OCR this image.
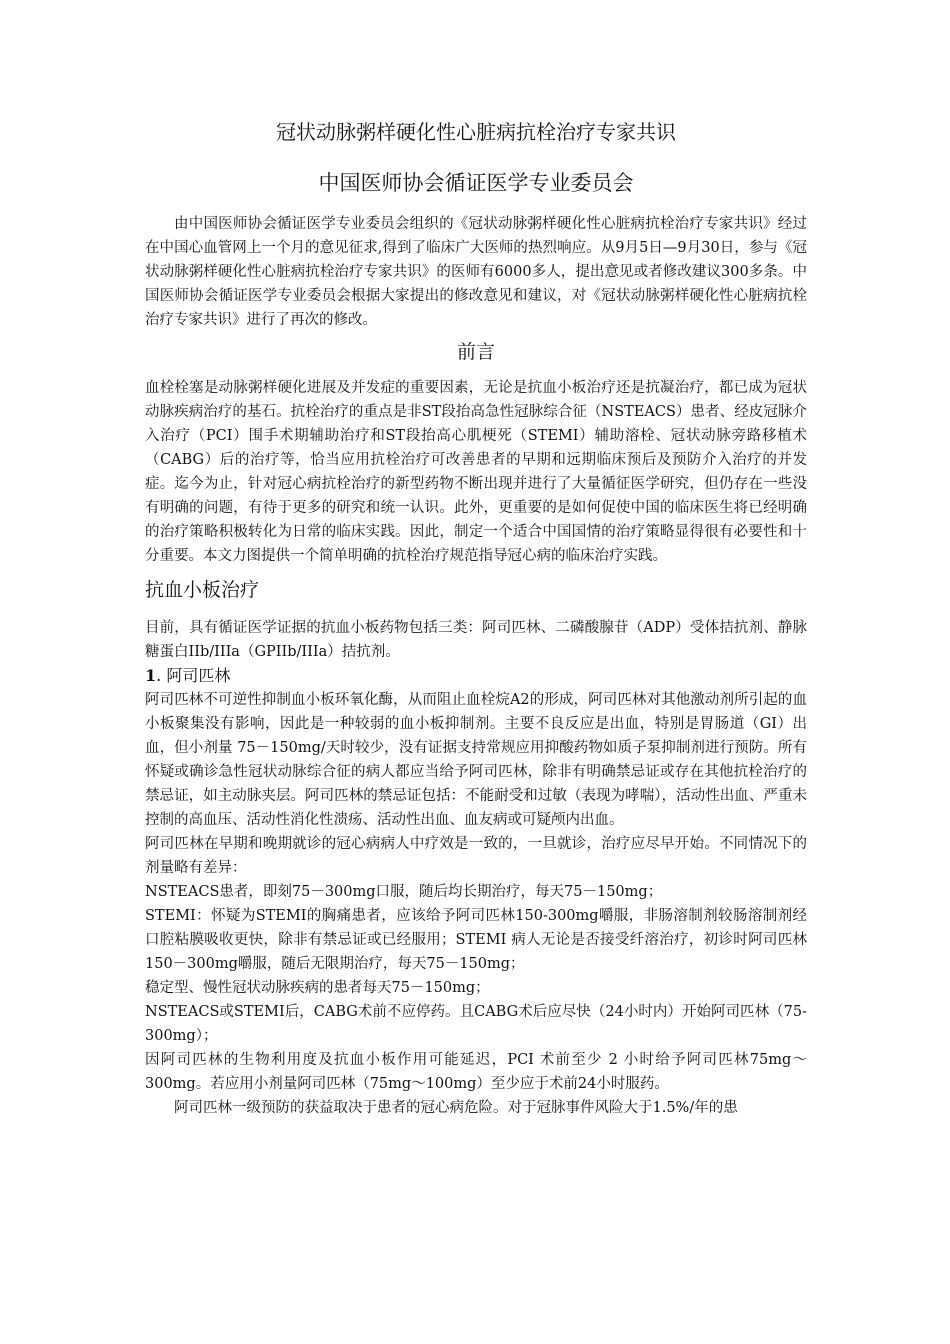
冠状动脉粥样硬化性心脏病抗栓治疗专家共识
中国医师协会循证医学专业委员会

由中国医师协会循证医学专业委员会组织的《冠状动脉粥样硬化性心脏病抗栓治疗专家共识》经过在中国心血管网上一个月的意见征求,得到了临床广大医师的热烈响应。从9月5日—9月30日，参与《冠状动脉粥样硬化性心脏病抗栓治疗专家共识》的医师有6000多人，提出意见或者修改建议300多条。中国医师协会循证医学专业委员会根据大家提出的修改意见和建议，对《冠状动脉粥样硬化性心脏病抗栓治疗专家共识》进行了再次的修改。

前言

血栓栓塞是动脉粥样硬化进展及并发症的重要因素，无论是抗血小板治疗还是抗凝治疗，都已成为冠状动脉疾病治疗的基石。抗栓治疗的重点是非ST段抬高急性冠脉综合征（NSTEACS）患者、经皮冠脉介入治疗（PCI）围手术期辅助治疗和ST段抬高心肌梗死（STEMI）辅助溶栓、冠状动脉旁路移植术（CABG）后的治疗等，恰当应用抗栓治疗可改善患者的早期和远期临床预后及预防介入治疗的并发症。迄今为止，针对冠心病抗栓治疗的新型药物不断出现并进行了大量循征医学研究，但仍存在一些没有明确的问题，有待于更多的研究和统一认识。此外，更重要的是如何促使中国的临床医生将已经明确的治疗策略积极转化为日常的临床实践。因此，制定一个适合中国国情的治疗策略显得很有必要性和十分重要。本文力图提供一个简单明确的抗栓治疗规范指导冠心病的临床治疗实践。

抗血小板治疗

目前，具有循证医学证据的抗血小板药物包括三类：阿司匹林、二磷酸腺苷（ADP）受体拮抗剂、静脉糖蛋白IIb/IIIa（GPIIb/IIIa）拮抗剂。

1. 阿司匹林

阿司匹林不可逆性抑制血小板环氧化酶，从而阻止血栓烷A2的形成，阿司匹林对其他激动剂所引起的血小板聚集没有影响，因此是一种较弱的血小板抑制剂。主要不良反应是出血，特别是胃肠道（GI）出血，但小剂量 75－150mg/天时较少，没有证据支持常规应用抑酸药物如质子泵抑制剂进行预防。所有怀疑或确诊急性冠状动脉综合征的病人都应当给予阿司匹林，除非有明确禁忌证或存在其他抗栓治疗的禁忌证，如主动脉夹层。阿司匹林的禁忌证包括：不能耐受和过敏（表现为哮喘），活动性出血、严重未控制的高血压、活动性消化性溃疡、活动性出血、血友病或可疑颅内出血。

阿司匹林在早期和晚期就诊的冠心病病人中疗效是一致的，一旦就诊，治疗应尽早开始。不同情况下的剂量略有差异：

NSTEACS患者，即刻75－300mg口服，随后均长期治疗，每天75－150mg；

STEMI：怀疑为STEMI的胸痛患者，应该给予阿司匹林150-300mg嚼服，非肠溶制剂较肠溶制剂经口腔粘膜吸收更快，除非有禁忌证或已经服用；STEMI 病人无论是否接受纤溶治疗，初诊时阿司匹林150－300mg嚼服，随后无限期治疗，每天75－150mg；

稳定型、慢性冠状动脉疾病的患者每天75－150mg；

NSTEACS或STEMI后，CABG术前不应停药。且CABG术后应尽快（24小时内）开始阿司匹林（75-300mg）；

因阿司匹林的生物利用度及抗血小板作用可能延迟，PCI 术前至少 2 小时给予阿司匹林75mg～300mg。若应用小剂量阿司匹林（75mg～100mg）至少应于术前24小时服药。

阿司匹林一级预防的获益取决于患者的冠心病危险。对于冠脉事件风险大于1.5%/年的患
